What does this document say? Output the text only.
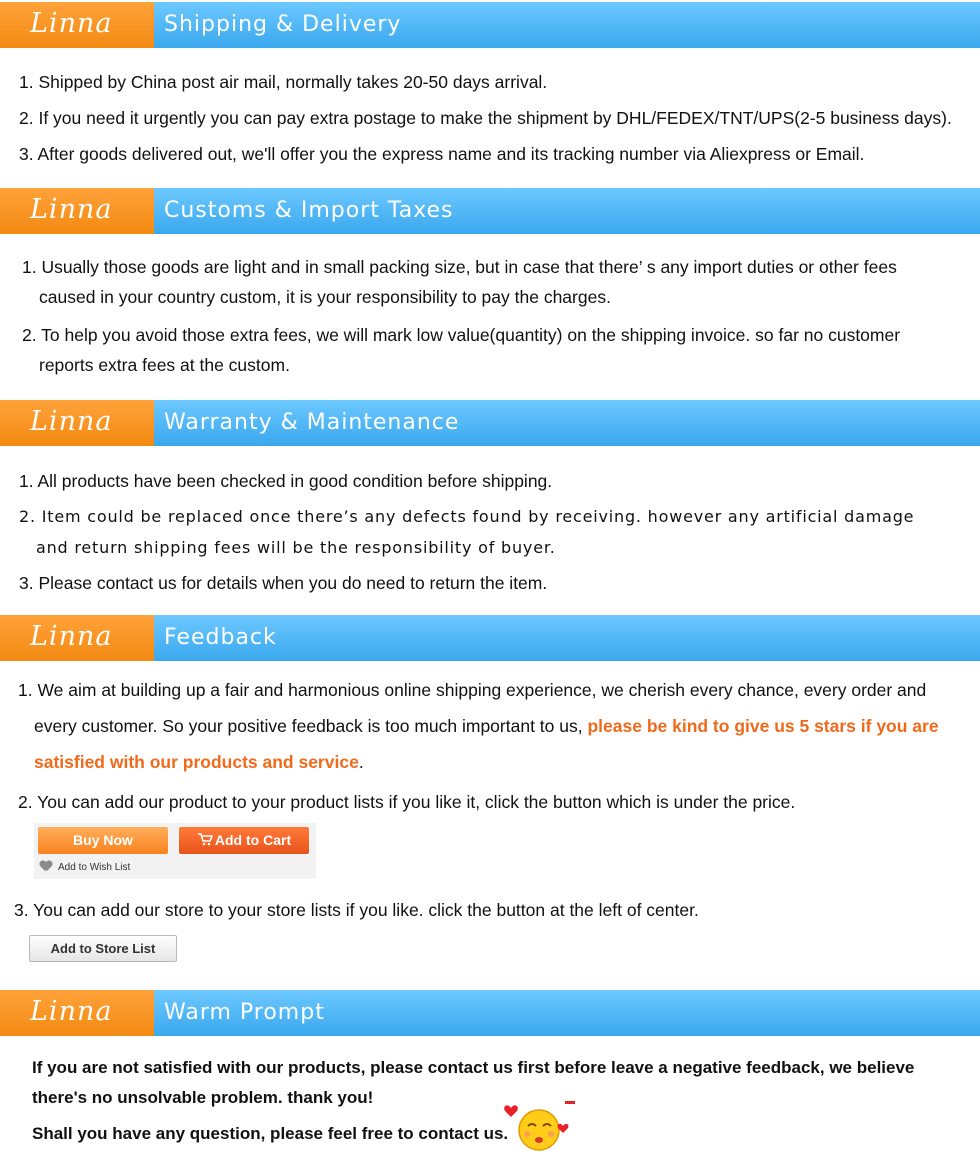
Linna Shipping & Delivery
1. Shipped by China post air mail, normally takes 20-50 days arrival.
2. If you need it urgently you can pay extra postage to make the shipment by DHL/FEDEX/TNT/UPS(2-5 business days).
3. After goods delivered out, we'll offer you the express name and its tracking number via Aliexpress or Email.
Linna Customs & Import Taxes
1. Usually those goods are light and in small packing size, but in case that there’ s any import duties or other fees
caused in your country custom, it is your responsibility to pay the charges.
2. To help you avoid those extra fees, we will mark low value(quantity) on the shipping invoice. so far no customer
reports extra fees at the custom.
Linna Warranty & Maintenance
1. All products have been checked in good condition before shipping.
2. Item could be replaced once there’s any defects found by receiving. however any artificial damage
and return shipping fees will be the responsibility of buyer.
3. Please contact us for details when you do need to return the item.
Linna Feedback
1. We aim at building up a fair and harmonious online shipping experience, we cherish every chance, every order and
every customer. So your positive feedback is too much important to us, please be kind to give us 5 stars if you are
satisfied with our products and service.
2. You can add our product to your product lists if you like it, click the button which is under the price.
Buy Now	Add to Cart
Add to Wish List
3. You can add our store to your store lists if you like. click the button at the left of center.
Add to Store List
Linna Warm Prompt
If you are not satisfied with our products, please contact us first before leave a negative feedback, we believe
there's no unsolvable problem. thank you!
Shall you have any question, please feel free to contact us.
